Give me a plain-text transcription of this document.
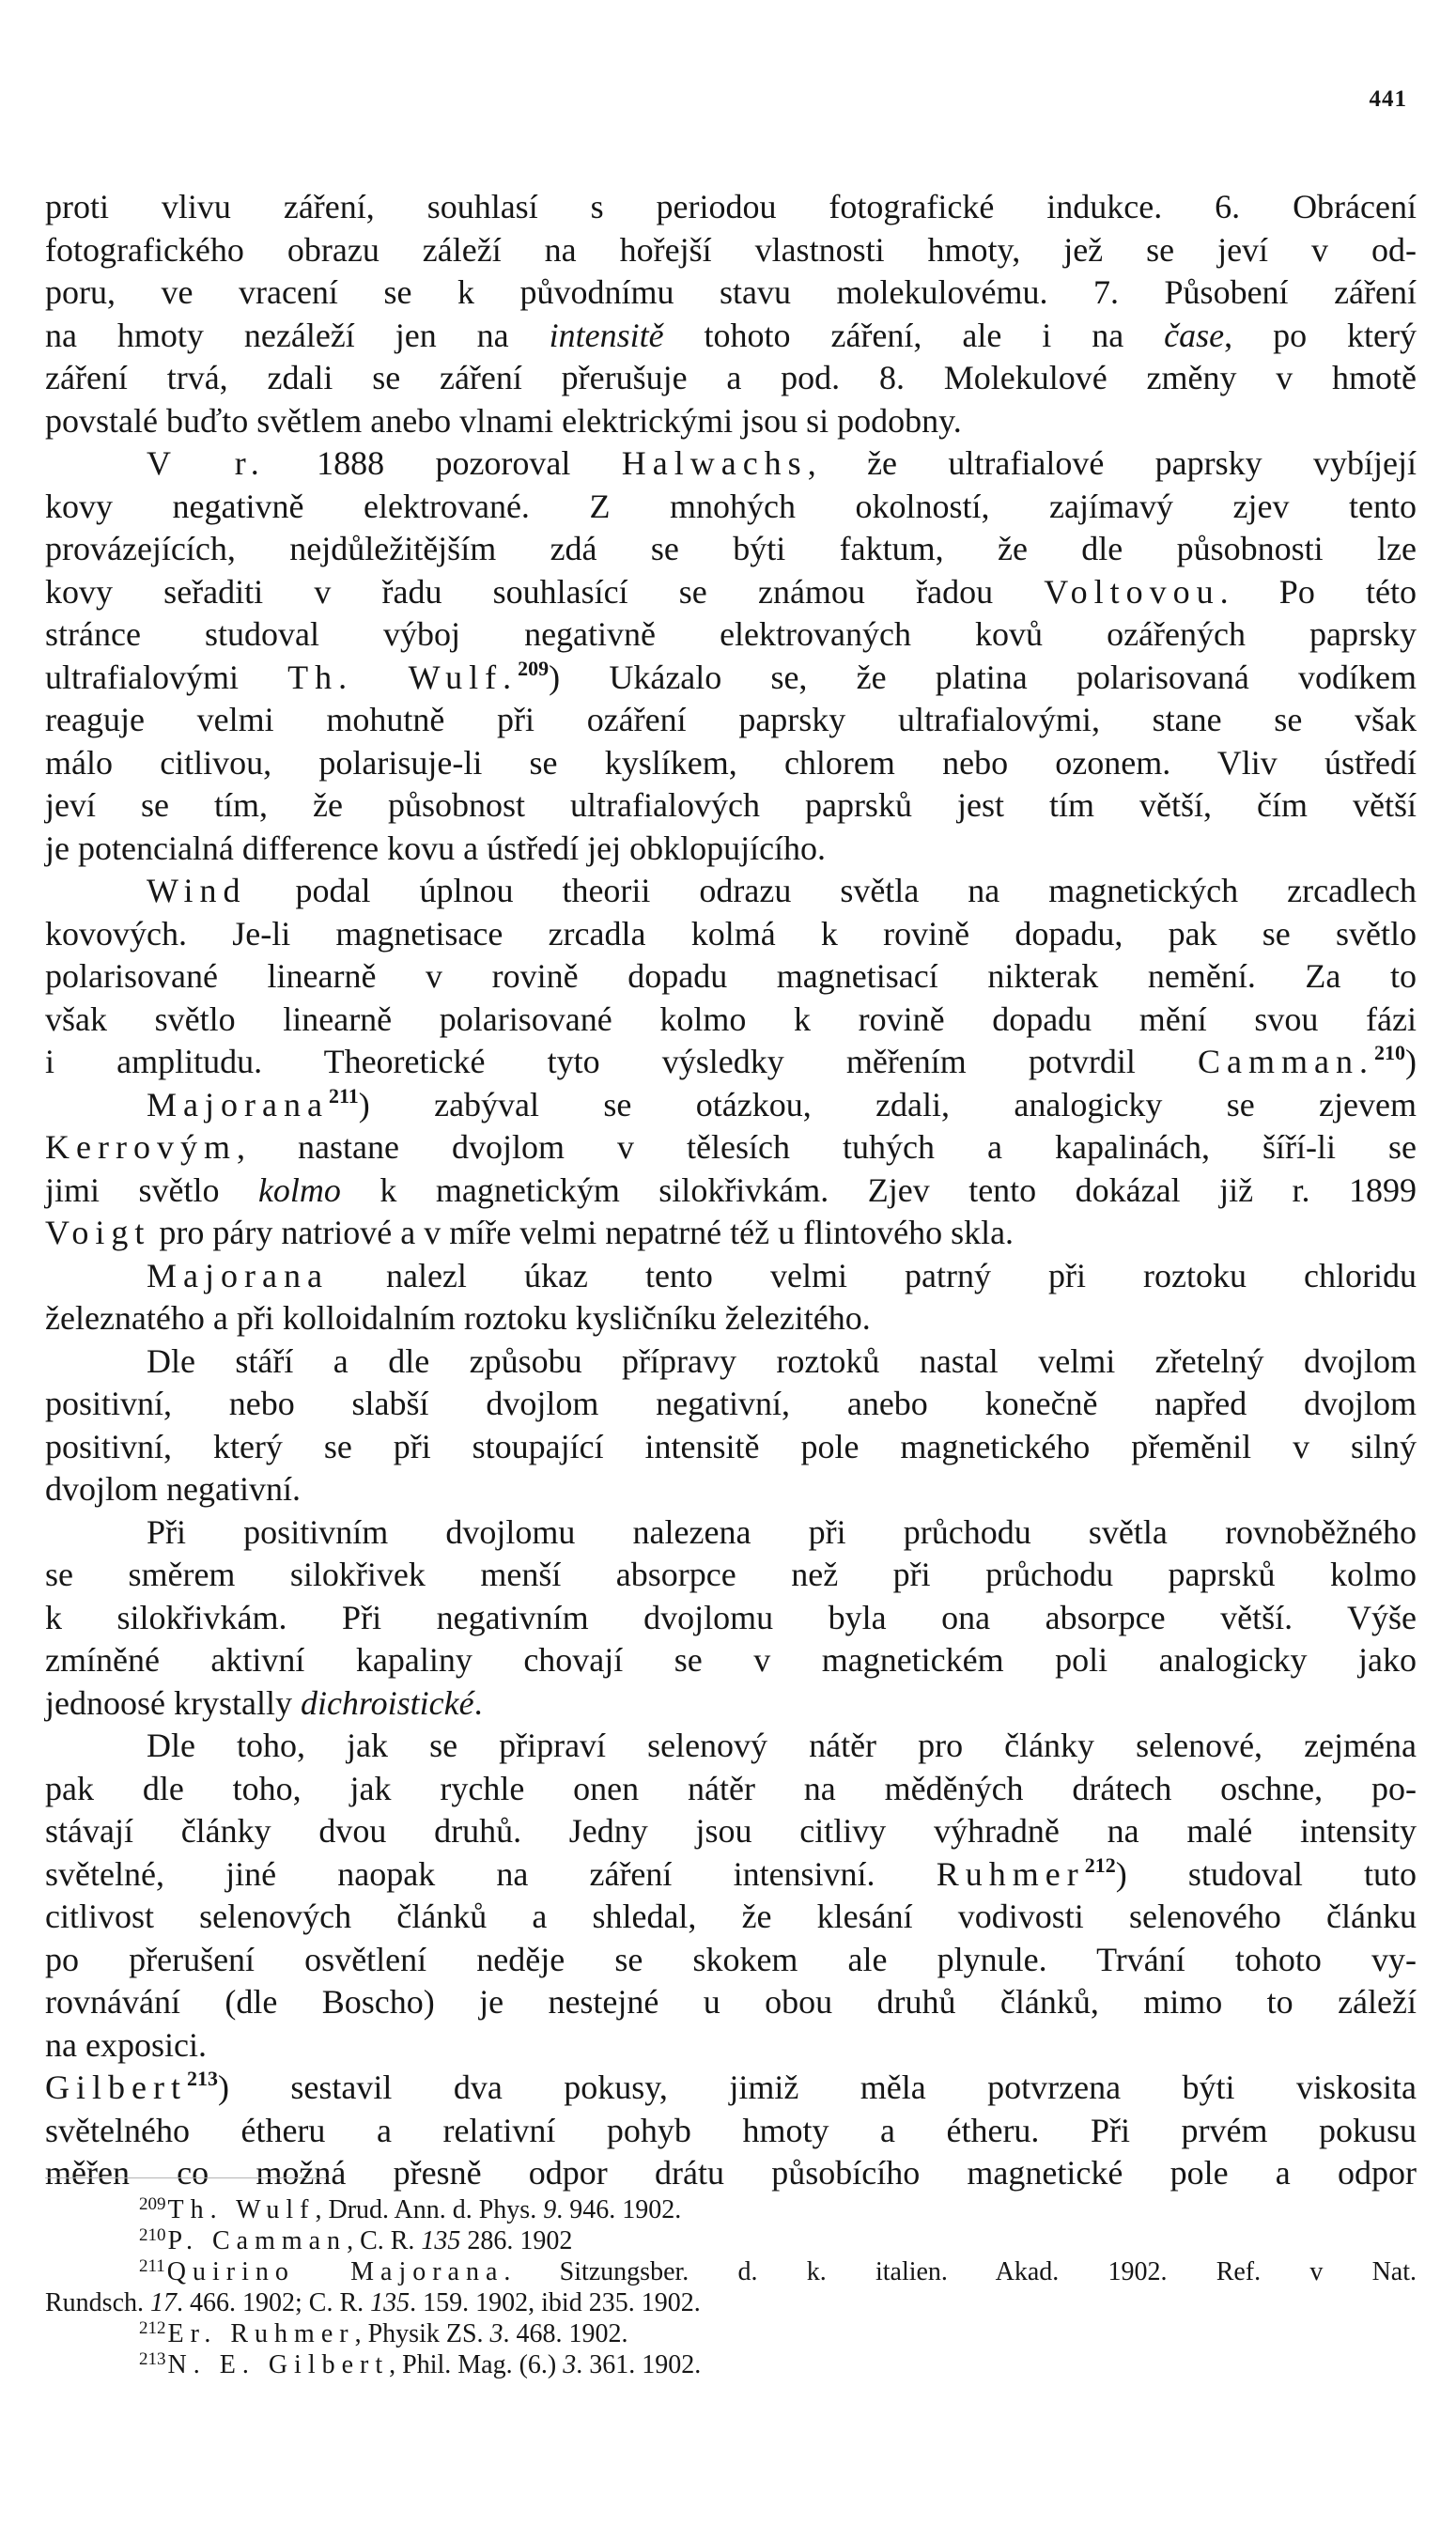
441
proti vlivu záření, souhlasí s periodou fotografické indukce. 6. Obrácení
fotografického obrazu záleží na hořejší vlastnosti hmoty, jež se jeví v od-
poru, ve vracení se k původnímu stavu molekulovému. 7. Působení záření
na hmoty nezáleží jen na intensitě tohoto záření, ale i na čase, po který
záření trvá, zdali se záření přerušuje a pod. 8. Molekulové změny v hmotě
povstalé buďto světlem anebo vlnami elektrickými jsou si podobny.
V r. 1888 pozoroval Halwachs, že ultrafialové paprsky vybíjejí
kovy negativně elektrované. Z mnohých okolností, zajímavý zjev tento
provázejících, nejdůležitějším zdá se býti faktum, že dle působnosti lze
kovy seřaditi v řadu souhlasící se známou řadou Voltovou. Po této
stránce studoval výboj negativně elektrovaných kovů ozářených paprsky
ultrafialovými Th. Wulf.$^{209}$) Ukázalo se, že platina polarisovaná vodíkem
reaguje velmi mohutně při ozáření paprsky ultrafialovými, stane se však
málo citlivou, polarisuje-li se kyslíkem, chlorem nebo ozonem. Vliv ústředí
jeví se tím, že působnost ultrafialových paprsků jest tím větší, čím větší
je potencialná difference kovu a ústředí jej obklopujícího.
Wind podal úplnou theorii odrazu světla na magnetických zrcadlech
kovových. Je-li magnetisace zrcadla kolmá k rovině dopadu, pak se světlo
polarisované linearně v rovině dopadu magnetisací nikterak nemění. Za to
však světlo linearně polarisované kolmo k rovině dopadu mění svou fázi
i amplitudu. Theoretické tyto výsledky měřením potvrdil Camman.$^{210}$)
Majorana$^{211}$) zabýval se otázkou, zdali, analogicky se zjevem
Kerrovým, nastane dvojlom v tělesích tuhých a kapalinách, šíří-li se
jimi světlo kolmo k magnetickým silokřivkám. Zjev tento dokázal již r. 1899
Voigt pro páry natriové a v míře velmi nepatrné též u flintového skla.
Majorana nalezl úkaz tento velmi patrný při roztoku chloridu
železnatého a při kolloidalním roztoku kysličníku železitého.
Dle stáří a dle způsobu přípravy roztoků nastal velmi zřetelný dvojlom
positivní, nebo slabší dvojlom negativní, anebo konečně napřed dvojlom
positivní, který se při stoupající intensitě pole magnetického přeměnil v silný
dvojlom negativní.
Při positivním dvojlomu nalezena při průchodu světla rovnoběžného
se směrem silokřivek menší absorpce než při průchodu paprsků kolmo
k silokřivkám. Při negativním dvojlomu byla ona absorpce větší. Výše
zmíněné aktivní kapaliny chovají se v magnetickém poli analogicky jako
jednoosé krystally dichroistické.
Dle toho, jak se připraví selenový nátěr pro články selenové, zejména
pak dle toho, jak rychle onen nátěr na měděných drátech oschne, po-
stávají články dvou druhů. Jedny jsou citlivy výhradně na malé intensity
světelné, jiné naopak na záření intensivní. Ruhmer$^{212}$) studoval tuto
citlivost selenových článků a shledal, že klesání vodivosti selenového článku
po přerušení osvětlení neděje se skokem ale plynule. Trvání tohoto vy-
rovnávání (dle Boscho) je nestejné u obou druhů článků, mimo to záleží
na exposici.
Gilbert$^{213}$) sestavil dva pokusy, jimiž měla potvrzena býti viskosita
světelného étheru a relativní pohyb hmoty a étheru. Při prvém pokusu
měřen co možná přesně odpor drátu působícího magnetické pole a odpor
$^{209}$Th. Wulf, Drud. Ann. d. Phys. 9. 946. 1902.
$^{210}$P. Camman, C. R. 135 286. 1902
$^{211}$Quirino Majorana. Sitzungsber. d. k. italien. Akad. 1902. Ref. v Nat.
Rundsch. 17. 466. 1902; C. R. 135. 159. 1902, ibid 235. 1902.
$^{212}$Er. Ruhmer, Physik ZS. 3. 468. 1902.
$^{213}$N. E. Gilbert, Phil. Mag. (6.) 3. 361. 1902.
